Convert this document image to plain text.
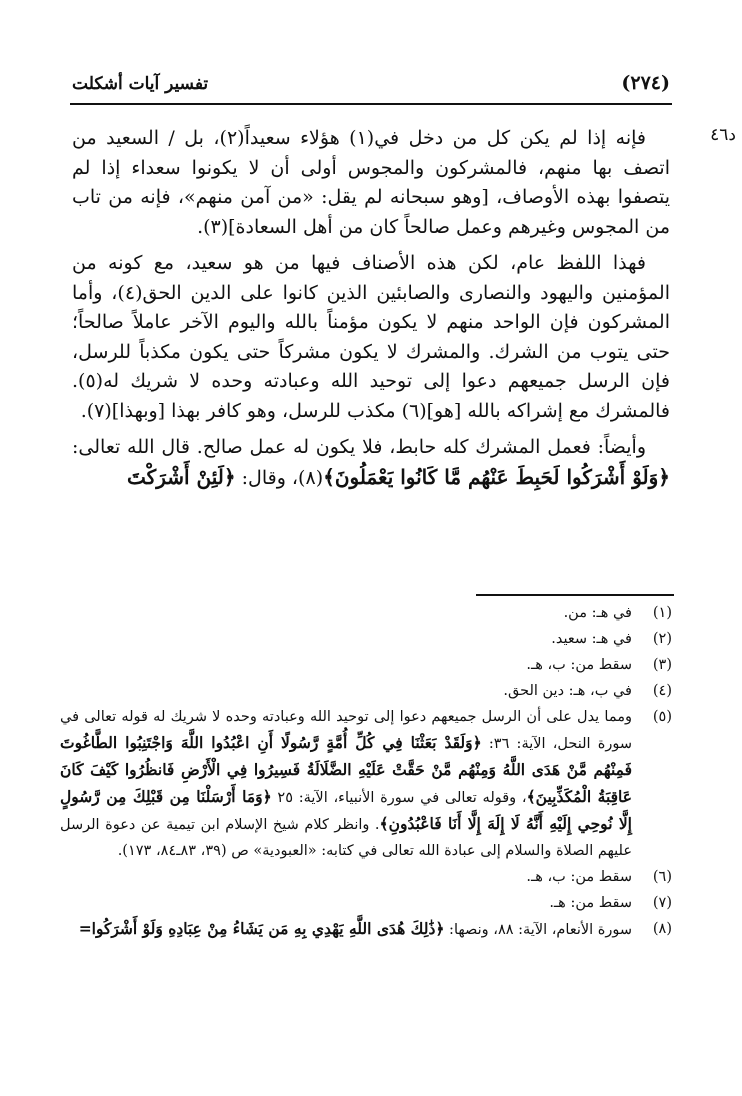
تفسير آيات أشكلت	(٢٧٤)
د٤٦

فإنه إذا لم يكن كل من دخل في(١) هؤلاء سعيداً(٢)، بل / السعيد من اتصف بها منهم، فالمشركون والمجوس أولى أن لا يكونوا سعداء إذا لم يتصفوا بهذه الأوصاف، [وهو سبحانه لم يقل: «من آمن منهم»، فإنه من تاب من المجوس وغيرهم وعمل صالحاً كان من أهل السعادة](٣).

فهذا اللفظ عام، لكن هذه الأصناف فيها من هو سعيد، مع كونه من المؤمنين واليهود والنصارى والصابئين الذين كانوا على الدين الحق(٤)، وأما المشركون فإن الواحد منهم لا يكون مؤمناً بالله واليوم الآخر عاملاً صالحاً؛ حتى يتوب من الشرك. والمشرك لا يكون مشركاً حتى يكون مكذباً للرسل، فإن الرسل جميعهم دعوا إلى توحيد الله وعبادته وحده لا شريك له(٥). فالمشرك مع إشراكه بالله [هو](٦) مكذب للرسل، وهو كافر بهذا [وبهذا](٧).

وأيضاً: فعمل المشرك كله حابط، فلا يكون له عمل صالح. قال الله تعالى: ﴿وَلَوْ أَشْرَكُوا لَحَبِطَ عَنْهُم مَّا كَانُوا يَعْمَلُونَ﴾(٨)، وقال: ﴿لَئِنْ أَشْرَكْتَ

(١)
في هـ: من.
(٢)
في هـ: سعيد.
(٣)
سقط من: ب، هـ.
(٤)
في ب، هـ: دين الحق.
(٥)
ومما يدل على أن الرسل جميعهم دعوا إلى توحيد الله وعبادته وحده لا شريك له قوله تعالى في سورة النحل، الآية: ٣٦: ﴿وَلَقَدْ بَعَثْنَا فِي كُلِّ أُمَّةٍ رَّسُولًا أَنِ اعْبُدُوا اللَّهَ وَاجْتَنِبُوا الطَّاغُوتَ فَمِنْهُم مَّنْ هَدَى اللَّهُ وَمِنْهُم مَّنْ حَقَّتْ عَلَيْهِ الضَّلَالَةُ فَسِيرُوا فِي الْأَرْضِ فَانظُرُوا كَيْفَ كَانَ عَاقِبَةُ الْمُكَذِّبِينَ﴾، وقوله تعالى في سورة الأنبياء، الآية: ٢٥ ﴿وَمَا أَرْسَلْنَا مِن قَبْلِكَ مِن رَّسُولٍ إِلَّا نُوحِي إِلَيْهِ أَنَّهُ لَا إِلَهَ إِلَّا أَنَا فَاعْبُدُونِ﴾. وانظر كلام شيخ الإسلام ابن تيمية عن دعوة الرسل عليهم الصلاة والسلام إلى عبادة الله تعالى في كتابه: «العبودية» ص (٣٩، ٨٣ـ٨٤، ١٧٣).
(٦)
سقط من: ب، هـ.
(٧)
سقط من: هـ.
(٨)
سورة الأنعام، الآية: ٨٨، ونصها: ﴿ذَٰلِكَ هُدَى اللَّهِ يَهْدِي بِهِ مَن يَشَاءُ مِنْ عِبَادِهِ وَلَوْ أَشْرَكُوا=
